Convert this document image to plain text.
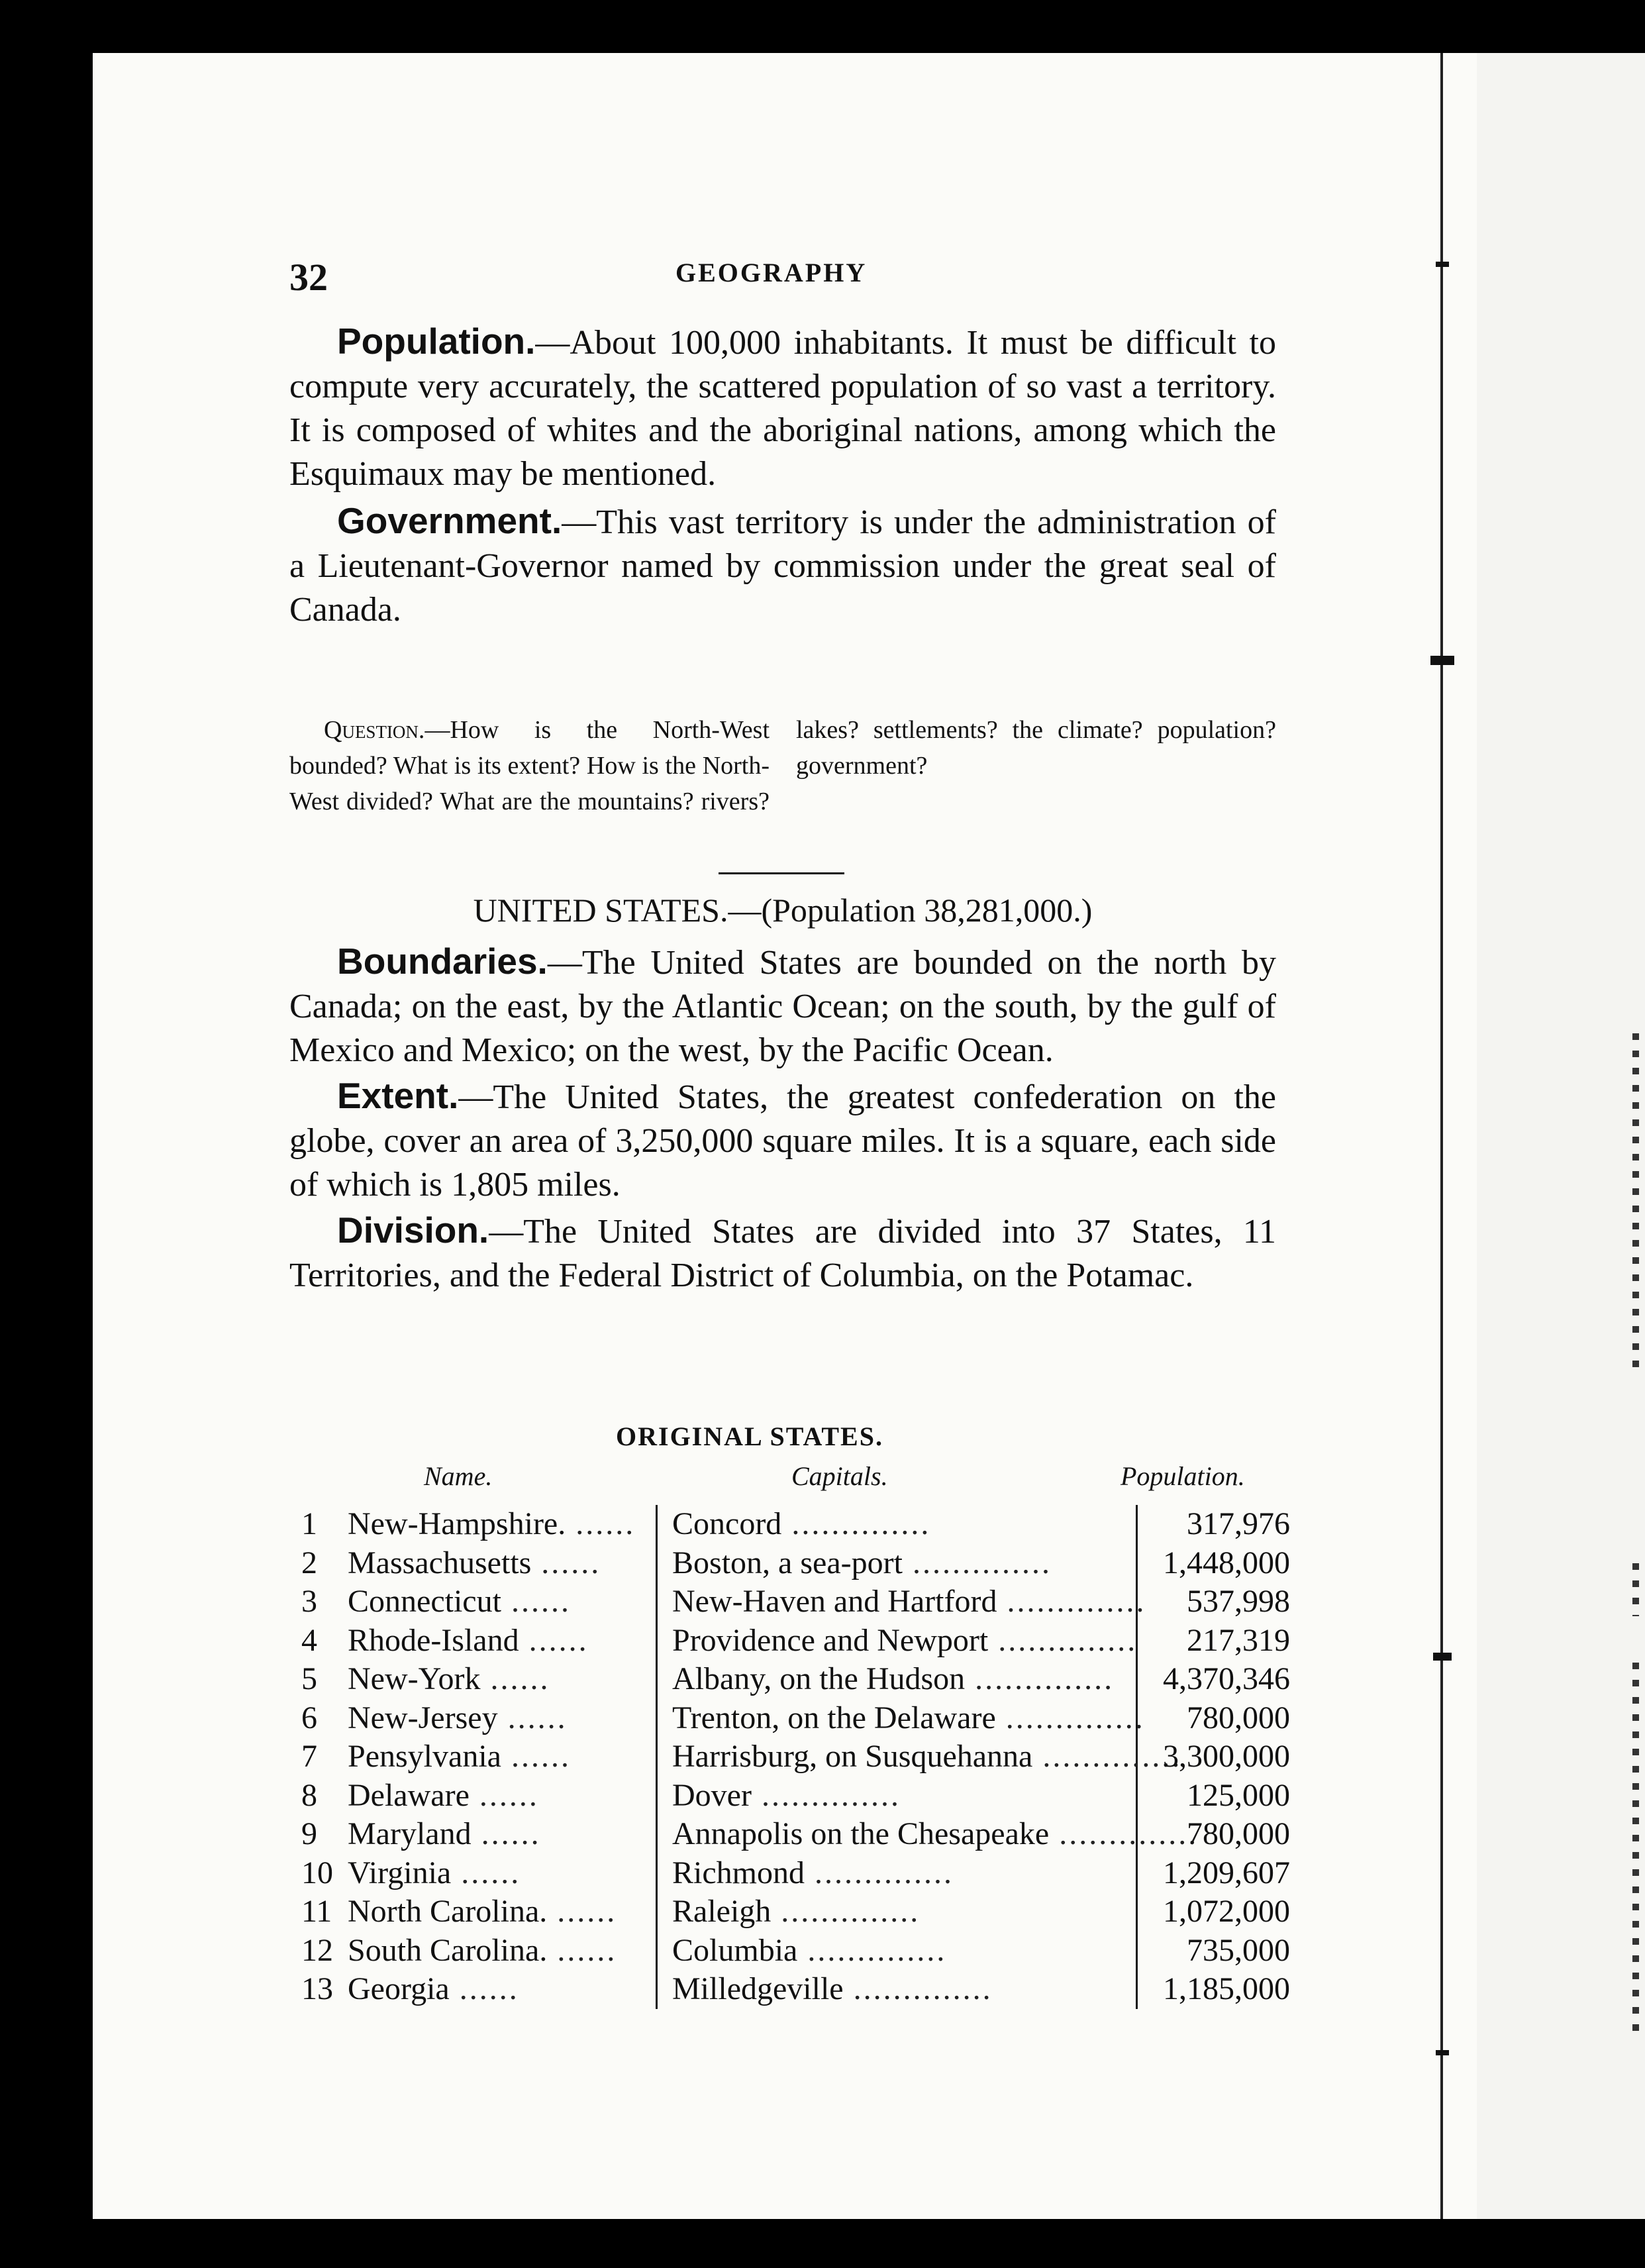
32	GEOGRAPHY

Population.—About 100,000 inhabitants. It must be difficult to compute very accurately, the scattered population of so vast a territory. It is composed of whites and the aboriginal nations, among which the Esquimaux may be mentioned.

Government.—This vast territory is under the administration of a Lieutenant-Governor named by commission under the great seal of Canada.

Question.—How is the North-West bounded? What is its extent? How is the North-West divided? What are the mountains? rivers? lakes? settlements? the climate? population? government?
UNITED STATES.—(Population 38,281,000.)

Boundaries.—The United States are bounded on the north by Canada; on the east, by the Atlantic Ocean; on the south, by the gulf of Mexico and Mexico; on the west, by the Pacific Ocean.

Extent.—The United States, the greatest confederation on the globe, cover an area of 3,250,000 square miles. It is a square, each side of which is 1,805 miles.

Division.—The United States are divided into 37 States, 11 Territories, and the Federal District of Columbia, on the Potamac.

ORIGINAL STATES.
Name.	Capitals.	Population.
1	New-Hampshire. ......	Concord ..............	317,976
2	Massachusetts ......	Boston, a sea-port ..............	1,448,000
3	Connecticut ......	New-Haven and Hartford ..............	537,998
4	Rhode-Island ......	Providence and Newport ..............	217,319
5	New-York ......	Albany, on the Hudson ..............	4,370,346
6	New-Jersey ......	Trenton, on the Delaware ..............	780,000
7	Pensylvania ......	Harrisburg, on Susquehanna ..............	3,300,000
8	Delaware ......	Dover ..............	125,000
9	Maryland ......	Annapolis on the Chesapeake ..............	780,000
10	Virginia ......	Richmond ..............	1,209,607
11	North Carolina. ......	Raleigh ..............	1,072,000
12	South Carolina. ......	Columbia ..............	735,000
13	Georgia ......	Milledgeville ..............	1,185,000
